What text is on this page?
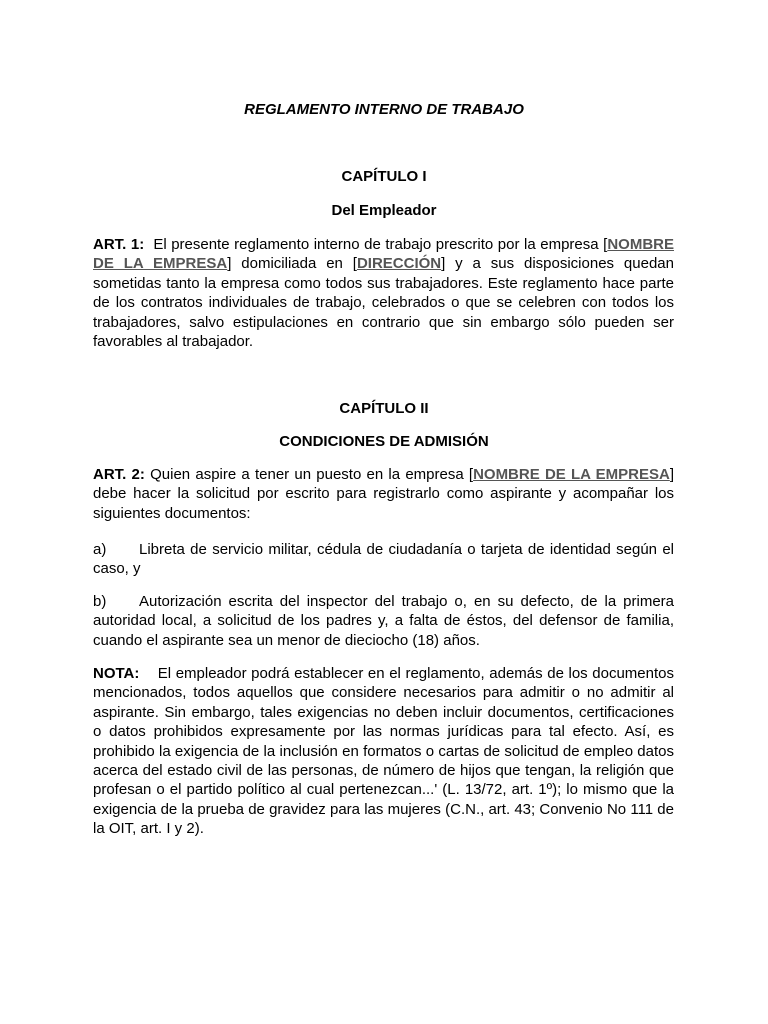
REGLAMENTO INTERNO DE TRABAJO
CAPÍTULO I
Del Empleador

ART. 1: El presente reglamento interno de trabajo prescrito por la empresa [NOMBRE DE LA EMPRESA] domiciliada en [DIRECCIÓN] y a sus disposiciones quedan sometidas tanto la empresa como todos sus trabajadores. Este reglamento hace parte de los contratos individuales de trabajo, celebrados o que se celebren con todos los trabajadores, salvo estipulaciones en contrario que sin embargo sólo pueden ser favorables al trabajador.

CAPÍTULO II
CONDICIONES DE ADMISIÓN

ART. 2: Quien aspire a tener un puesto en la empresa [NOMBRE DE LA EMPRESA] debe hacer la solicitud por escrito para registrarlo como aspirante y acompañar los siguientes documentos:

a) Libreta de servicio militar, cédula de ciudadanía o tarjeta de identidad según el caso, y

b) Autorización escrita del inspector del trabajo o, en su defecto, de la primera autoridad local, a solicitud de los padres y, a falta de éstos, del defensor de familia, cuando el aspirante sea un menor de dieciocho (18) años.

NOTA: El empleador podrá establecer en el reglamento, además de los documentos mencionados, todos aquellos que considere necesarios para admitir o no admitir al aspirante. Sin embargo, tales exigencias no deben incluir documentos, certificaciones o datos prohibidos expresamente por las normas jurídicas para tal efecto. Así, es prohibido la exigencia de la inclusión en formatos o cartas de solicitud de empleo datos acerca del estado civil de las personas, de número de hijos que tengan, la religión que profesan o el partido político al cual pertenezcan...' (L. 13/72, art. 1º); lo mismo que la exigencia de la prueba de gravidez para las mujeres (C.N., art. 43; Convenio No 111 de la OIT, art. I y 2).
